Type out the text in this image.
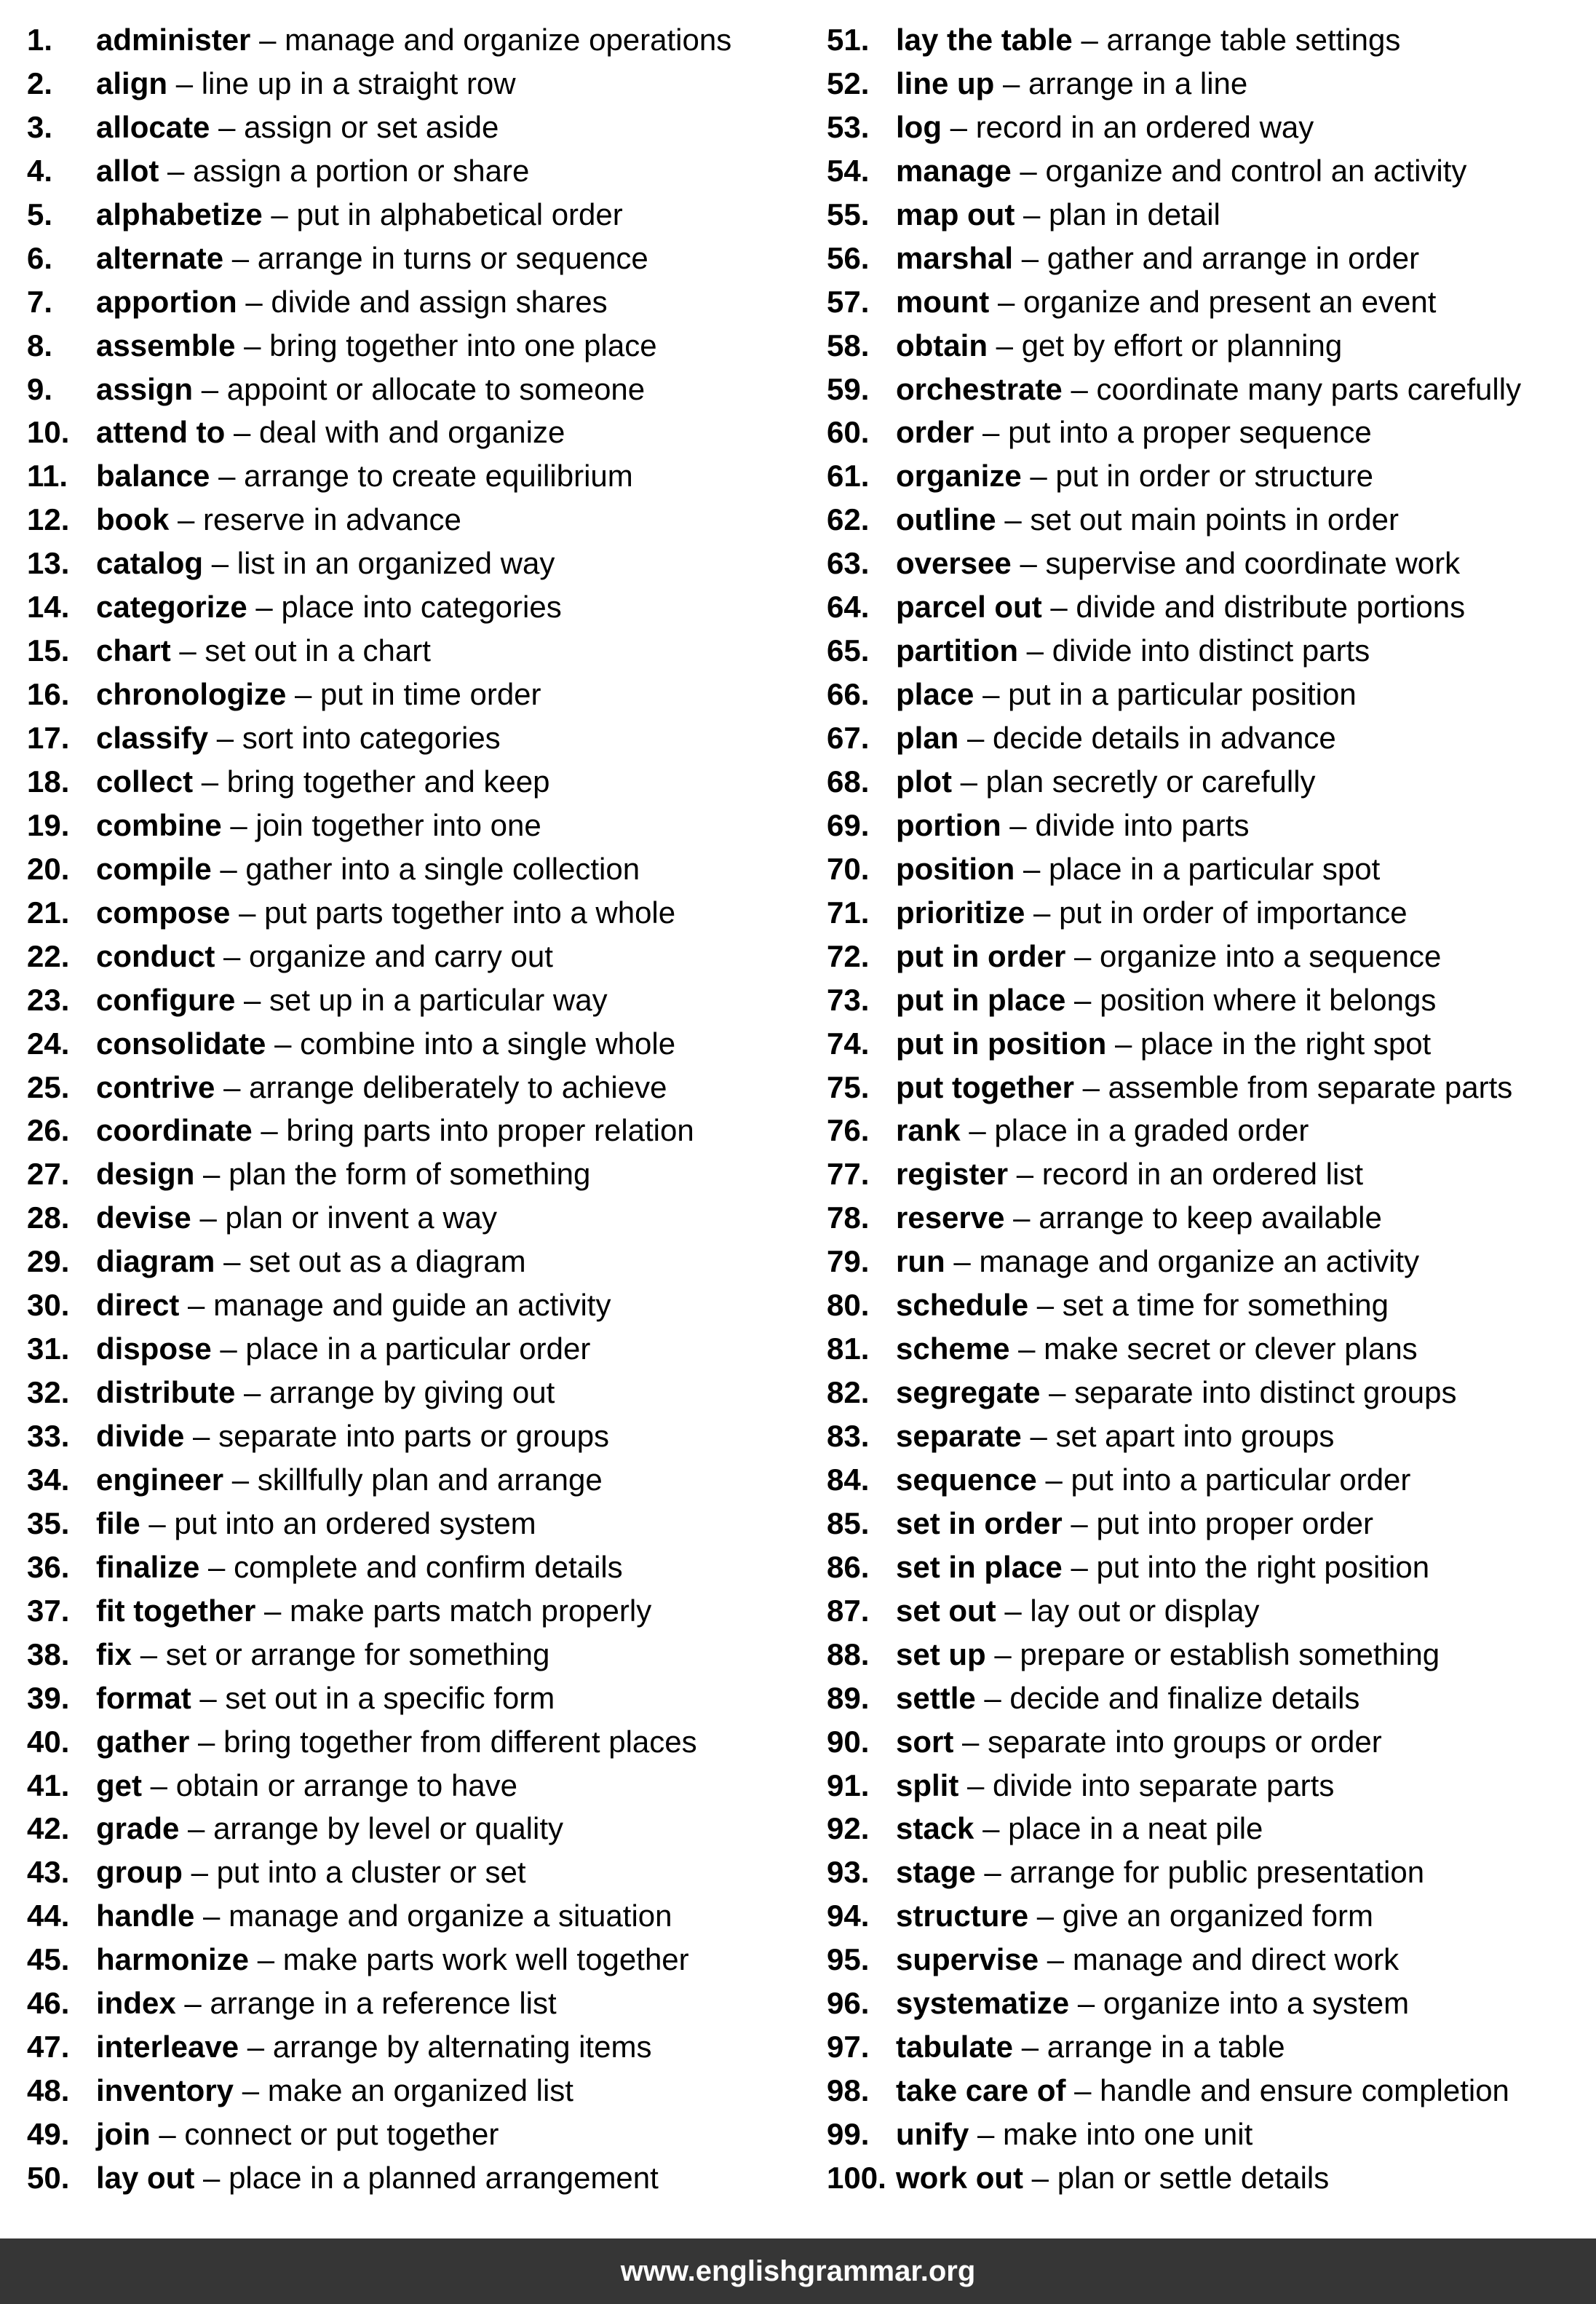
1. administer – manage and organize operations
2. align – line up in a straight row
3. allocate – assign or set aside
4. allot – assign a portion or share
5. alphabetize – put in alphabetical order
6. alternate – arrange in turns or sequence
7. apportion – divide and assign shares
8. assemble – bring together into one place
9. assign – appoint or allocate to someone
10. attend to – deal with and organize
11. balance – arrange to create equilibrium
12. book – reserve in advance
13. catalog – list in an organized way
14. categorize – place into categories
15. chart – set out in a chart
16. chronologize – put in time order
17. classify – sort into categories
18. collect – bring together and keep
19. combine – join together into one
20. compile – gather into a single collection
21. compose – put parts together into a whole
22. conduct – organize and carry out
23. configure – set up in a particular way
24. consolidate – combine into a single whole
25. contrive – arrange deliberately to achieve
26. coordinate – bring parts into proper relation
27. design – plan the form of something
28. devise – plan or invent a way
29. diagram – set out as a diagram
30. direct – manage and guide an activity
31. dispose – place in a particular order
32. distribute – arrange by giving out
33. divide – separate into parts or groups
34. engineer – skillfully plan and arrange
35. file – put into an ordered system
36. finalize – complete and confirm details
37. fit together – make parts match properly
38. fix – set or arrange for something
39. format – set out in a specific form
40. gather – bring together from different places
41. get – obtain or arrange to have
42. grade – arrange by level or quality
43. group – put into a cluster or set
44. handle – manage and organize a situation
45. harmonize – make parts work well together
46. index – arrange in a reference list
47. interleave – arrange by alternating items
48. inventory – make an organized list
49. join – connect or put together
50. lay out – place in a planned arrangement
51. lay the table – arrange table settings
52. line up – arrange in a line
53. log – record in an ordered way
54. manage – organize and control an activity
55. map out – plan in detail
56. marshal – gather and arrange in order
57. mount – organize and present an event
58. obtain – get by effort or planning
59. orchestrate – coordinate many parts carefully
60. order – put into a proper sequence
61. organize – put in order or structure
62. outline – set out main points in order
63. oversee – supervise and coordinate work
64. parcel out – divide and distribute portions
65. partition – divide into distinct parts
66. place – put in a particular position
67. plan – decide details in advance
68. plot – plan secretly or carefully
69. portion – divide into parts
70. position – place in a particular spot
71. prioritize – put in order of importance
72. put in order – organize into a sequence
73. put in place – position where it belongs
74. put in position – place in the right spot
75. put together – assemble from separate parts
76. rank – place in a graded order
77. register – record in an ordered list
78. reserve – arrange to keep available
79. run – manage and organize an activity
80. schedule – set a time for something
81. scheme – make secret or clever plans
82. segregate – separate into distinct groups
83. separate – set apart into groups
84. sequence – put into a particular order
85. set in order – put into proper order
86. set in place – put into the right position
87. set out – lay out or display
88. set up – prepare or establish something
89. settle – decide and finalize details
90. sort – separate into groups or order
91. split – divide into separate parts
92. stack – place in a neat pile
93. stage – arrange for public presentation
94. structure – give an organized form
95. supervise – manage and direct work
96. systematize – organize into a system
97. tabulate – arrange in a table
98. take care of – handle and ensure completion
99. unify – make into one unit
100. work out – plan or settle details
www.englishgrammar.org
